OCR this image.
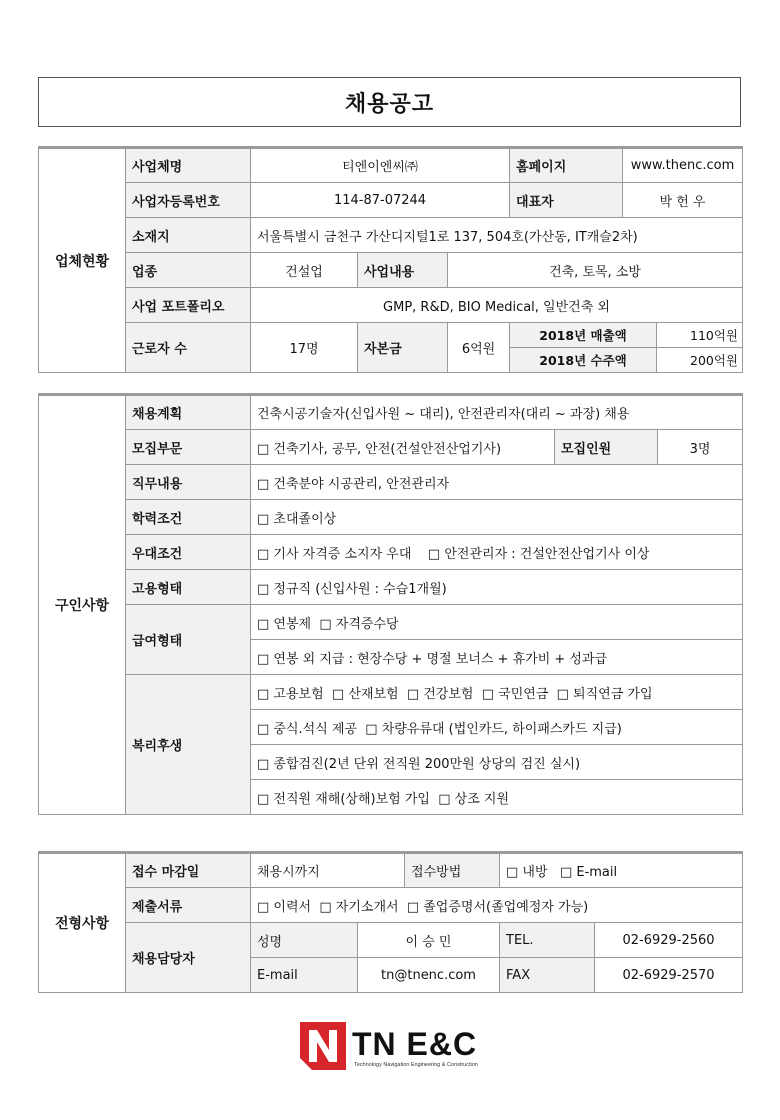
채용공고
업체현황	사업체명	티엔이엔씨㈜			홈페이지	www.thenc.com	
	사업자등록번호	114-87-07244			대표자	박 헌 우	
	소재지	서울특별시 금천구 가산디지털1로 137, 504호(가산동, IT캐슬2차)					
	업종	건설업	사업내용	건축, 토목, 소방			
	사업 포트폴리오	GMP, R&D, BIO Medical, 일반건축 외					
	근로자 수	17명	자본금	6억원	2018년 매출액		110억원
					2018년 수주액		200억원
구인사항	채용계획	건축시공기술자(신입사원 ~ 대리), 안전관리자(대리 ~ 과장) 채용		
	모집부문	□ 건축기사, 공무, 안전(건설안전산업기사)	모집인원	3명
	직무내용	□ 건축분야 시공관리, 안전관리자		
	학력조건	□ 초대졸이상		
	우대조건	□ 기사 자격증 소지자 우대    □ 안전관리자 : 건설안전산업기사 이상		
	고용형태	□ 정규직 (신입사원 : 수습1개월)		
	급여형태	□ 연봉제  □ 자격증수당		
		□ 연봉 외 지급 : 현장수당 + 명절 보너스 + 휴가비 + 성과급		
	복리후생	□ 고용보험  □ 산재보험  □ 건강보험  □ 국민연금  □ 퇴직연금 가입		
		□ 중식.석식 제공  □ 차량유류대 (법인카드, 하이패스카드 지급)		
		□ 종합검진(2년 단위 전직원 200만원 상당의 검진 실시)		
		□ 전직원 재해(상해)보험 가입  □ 상조 지원		
전형사항	접수 마감일	채용시까지		접수방법	□ 내방   □ E-mail	
	제출서류	□ 이력서  □ 자기소개서  □ 졸업증명서(졸업예정자 가능)				
	채용담당자	성명	이 승 민		TEL.	02-6929-2560
		E-mail	tn@tnenc.com		FAX	02-6929-2570
TN E&C
Technology Navigation Engineering & Construction
